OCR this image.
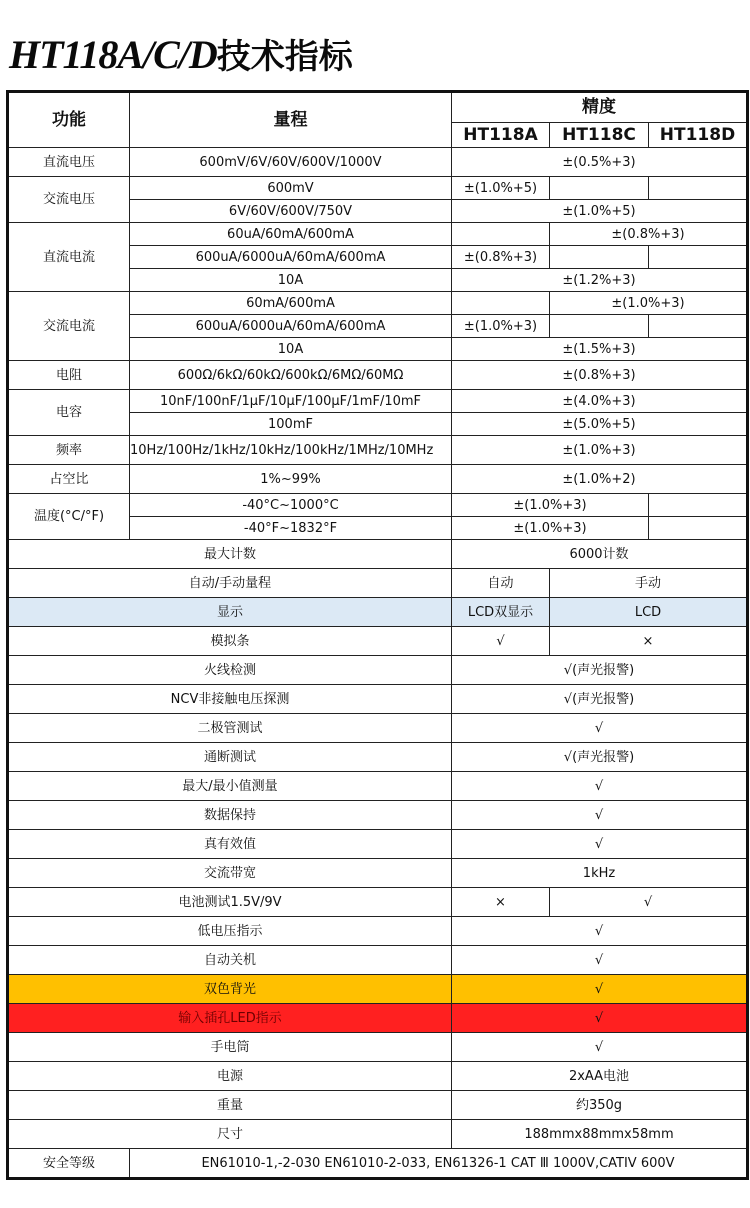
HT118A/C/D技术指标
功能	量程	精度		
		HT118A	HT118C	HT118D
直流电压	600mV/6V/60V/600V/1000V	±(0.5%+3)		
交流电压	600mV	±(1.0%+5)		
	6V/60V/600V/750V	±(1.0%+5)		
直流电流	60uA/60mA/600mA		±(0.8%+3)	
	600uA/6000uA/60mA/600mA	±(0.8%+3)		
	10A	±(1.2%+3)		
交流电流	60mA/600mA		±(1.0%+3)	
	600uA/6000uA/60mA/600mA	±(1.0%+3)		
	10A	±(1.5%+3)		
电阻	600Ω/6kΩ/60kΩ/600kΩ/6MΩ/60MΩ	±(0.8%+3)		
电容	10nF/100nF/1μF/10μF/100μF/1mF/10mF	±(4.0%+3)		
	100mF	±(5.0%+5)		
频率	10Hz/100Hz/1kHz/10kHz/100kHz/1MHz/10MHz	±(1.0%+3)		
占空比	1%~99%	±(1.0%+2)		
温度(°C/°F)	-40°C~1000°C	±(1.0%+3)		
	-40°F~1832°F	±(1.0%+3)		
最大计数		6000计数		
自动/手动量程		自动	手动	
显示		LCD双显示	LCD	
模拟条		√	×	
火线检测		√(声光报警)		
NCV非接触电压探测		√(声光报警)		
二极管测试		√		
通断测试		√(声光报警)		
最大/最小值测量		√		
数据保持		√		
真有效值		√		
交流带宽		1kHz		
电池测试1.5V/9V		×	√	
低电压指示		√		
自动关机		√		
双色背光		√		
输入插孔LED指示		√		
手电筒		√		
电源		2xAA电池		
重量		约350g		
尺寸		188mmx88mmx58mm		
安全等级	EN61010-1,-2-030 EN61010-2-033, EN61326-1 CAT Ⅲ 1000V,CATIV 600V			
